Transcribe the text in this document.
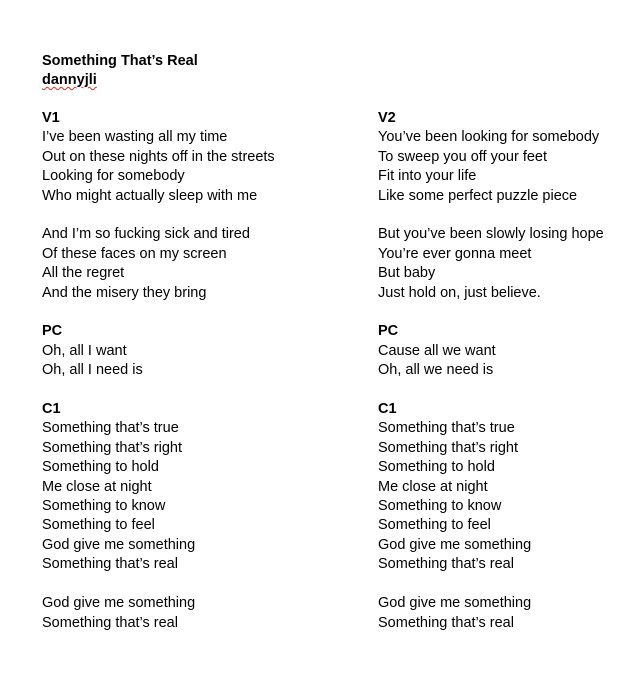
Something That’s Real
dannyjli
V1
I’ve been wasting all my time
Out on these nights off in the streets
Looking for somebody
Who might actually sleep with me
And I’m so fucking sick and tired
Of these faces on my screen
All the regret
And the misery they bring
PC
Oh, all I want
Oh, all I need is
C1
Something that’s true
Something that’s right
Something to hold
Me close at night
Something to know
Something to feel
God give me something
Something that’s real
God give me something
Something that’s real
V2
You’ve been looking for somebody
To sweep you off your feet
Fit into your life
Like some perfect puzzle piece
But you’ve been slowly losing hope
You’re ever gonna meet
But baby
Just hold on, just believe.
PC
Cause all we want
Oh, all we need is
C1
Something that’s true
Something that’s right
Something to hold
Me close at night
Something to know
Something to feel
God give me something
Something that’s real
God give me something
Something that’s real
